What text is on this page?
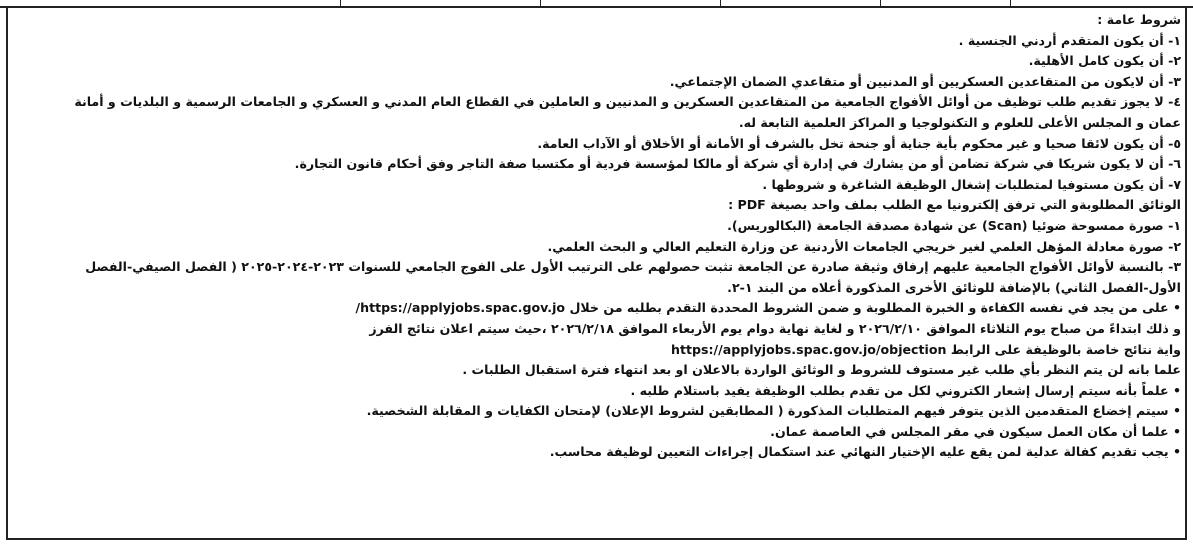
شروط عامة :
١- أن يكون المتقدم أردني الجنسية .
٢- أن يكون كامل الأهلية.
٣- أن لايكون من المتقاعدين العسكريين أو المدنيين أو متقاعدي الضمان الإجتماعي.
٤- لا يجوز تقديم طلب توظيف من أوائل الأفواج الجامعية من المتقاعدين العسكرين و المدنيين و العاملين في القطاع العام المدني و العسكري و الجامعات الرسمية و البلديات و أمانة
عمان و المجلس الأعلى للعلوم و التكنولوجيا و المراكز العلمية التابعة له.
٥- أن يكون لائقا صحيا و غير محكوم بأية جناية أو جنحة تخل بالشرف أو الأمانة أو الأخلاق أو الآداب العامة.
٦- أن لا يكون شريكا في شركة تضامن أو من يشارك في إدارة أي شركة أو مالكا لمؤسسة فردية أو مكتسبا صفة التاجر وفق أحكام قانون التجارة.
٧- أن يكون مستوفيا لمتطلبات إشغال الوظيفة الشاغرة و شروطها .
الوثائق المطلوبةو التي ترفق إلكترونيا مع الطلب بملف واحد بصيغة PDF :
١- صورة ممسوحة ضوئيا (Scan) عن شهادة مصدقة الجامعة (البكالوريس).
٢- صورة معادلة المؤهل العلمي لغير خريجي الجامعات الأردنية عن وزارة التعليم العالي و البحث العلمي.
٣- بالنسبة لأوائل الأفواج الجامعية عليهم إرفاق وثيقة صادرة عن الجامعة تثبت حصولهم على الترتيب الأول على الفوج الجامعي للسنوات ٢٠٢٣-٢٠٢٤-٢٠٢٥ ( الفصل الصيفي-الفصل
الأول-الفصل الثاني) بالإضافة للوثائق الأخرى المذكورة أعلاه من البند ١-٢.
• على من يجد في نفسه الكفاءة و الخبرة المطلوبة و ضمن الشروط المحددة التقدم بطلبه من خلال https://applyjobs.spac.gov.jo/
و ذلك ابتداءً من صباح يوم الثلاثاء الموافق ٢٠٢٦/٢/١٠ و لغاية نهاية دوام يوم الأربعاء الموافق ٢٠٢٦/٢/١٨ ،حيث سيتم اعلان نتائج الفرز
واية نتائج خاصة بالوظيفة على الرابط https://applyjobs.spac.gov.jo/objection
علما بانه لن يتم النظر بأي طلب غير مستوف للشروط و الوثائق الواردة بالاعلان او بعد انتهاء فترة استقبال الطلبات .
• علماً بأنه سيتم إرسال إشعار الكتروني لكل من تقدم بطلب الوظيفة يفيد باستلام طلبه .
• سيتم إخضاع المتقدمين الذين يتوفر فيهم المتطلبات المذكورة ( المطابقين لشروط الإعلان) لإمتحان الكفايات و المقابلة الشخصية.
• علما أن مكان العمل سيكون في مقر المجلس في العاصمة عمان.
• يجب تقديم كفالة عدلية لمن يقع عليه الإختيار النهائي عند استكمال إجراءات التعيين لوظيفة محاسب.
